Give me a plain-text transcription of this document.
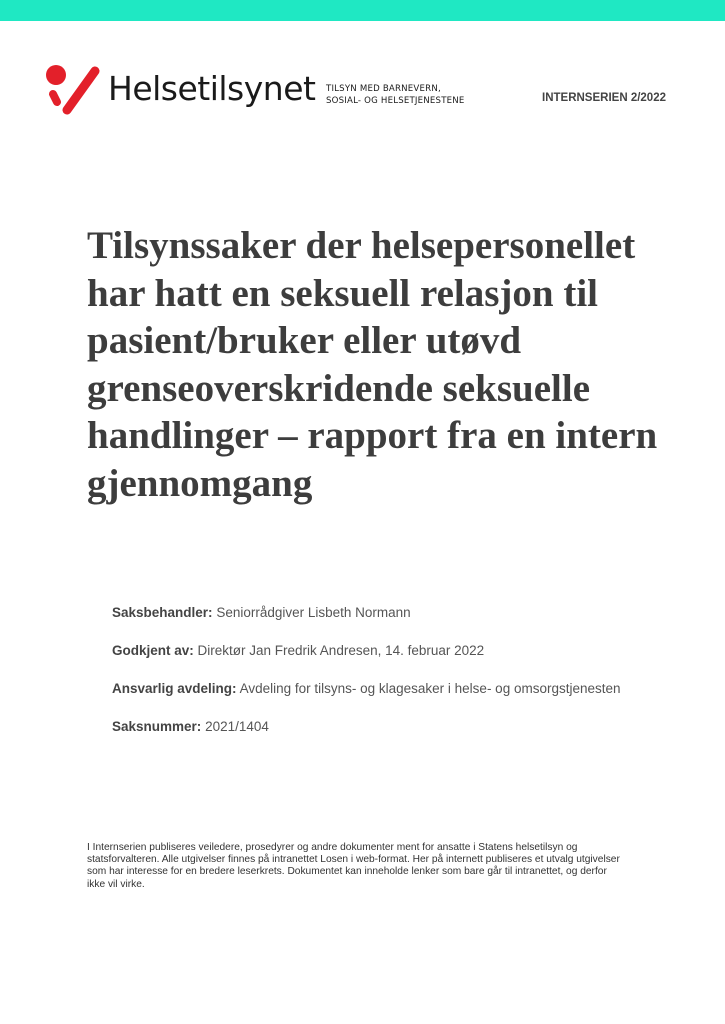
Helsetilsynet TILSYN MED BARNEVERN,
SOSIAL- OG HELSETJENESTENE	INTERNSERIEN 2/2022
Tilsynssaker der helsepersonellet har hatt en seksuell relasjon til pasient/bruker eller utøvd grenseoverskridende seksuelle handlinger – rapport fra en intern gjennomgang
Saksbehandler: Seniorrådgiver Lisbeth Normann
Godkjent av: Direktør Jan Fredrik Andresen, 14. februar 2022
Ansvarlig avdeling: Avdeling for tilsyns- og klagesaker i helse- og omsorgstjenesten
Saksnummer: 2021/1404

I Internserien publiseres veiledere, prosedyrer og andre dokumenter ment for ansatte i Statens helsetilsyn og statsforvalteren. Alle utgivelser finnes på intranettet Losen i web-format. Her på internett publiseres et utvalg utgivelser som har interesse for en bredere leserkrets. Dokumentet kan inneholde lenker som bare går til intranettet, og derfor ikke vil virke.
